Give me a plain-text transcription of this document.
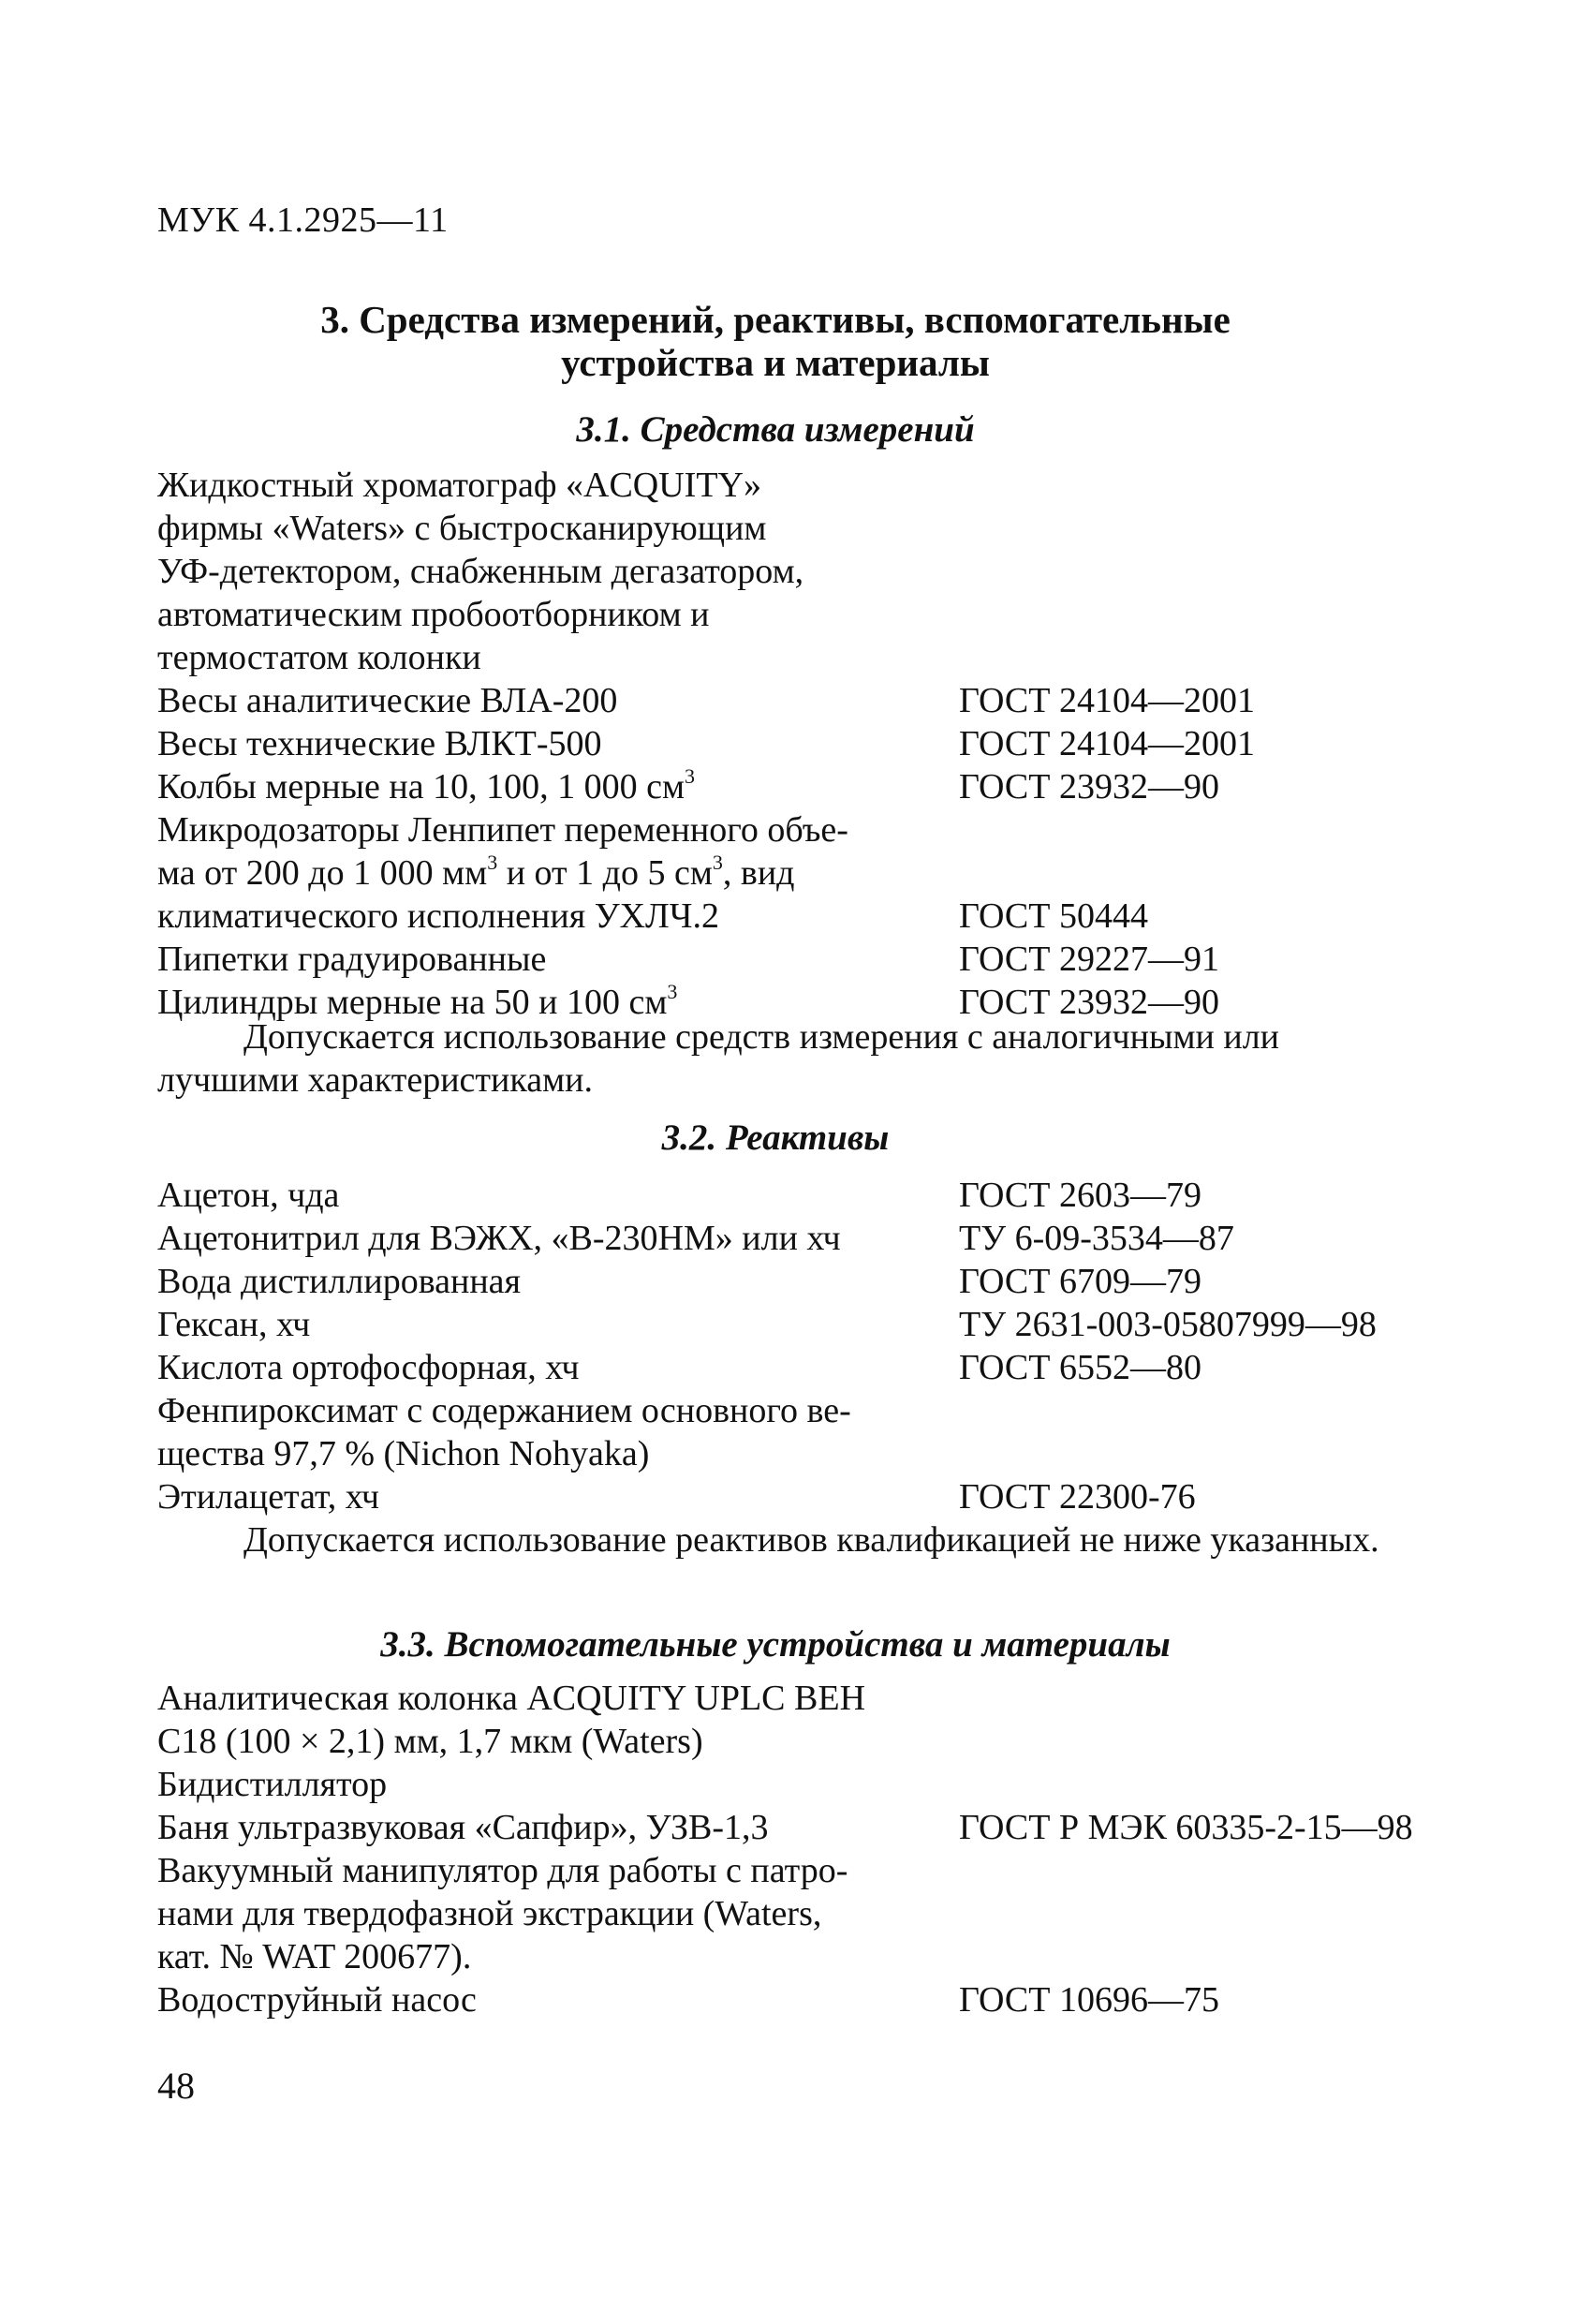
МУК 4.1.2925—11
3. Средства измерений, реактивы, вспомогательные
устройства и материалы
3.1. Средства измерений
Жидкостный хроматограф «ACQUITY»
фирмы «Waters» с быстросканирующим
УФ-детектором, снабженным дегазатором,
автоматическим пробоотборником и
термостатом колонки
Весы аналитические ВЛА-200	ГОСТ 24104—2001
Весы технические ВЛКТ-500	ГОСТ 24104—2001
Колбы мерные на 10, 100, 1 000 $см^3$	ГОСТ 23932—90
Микродозаторы Ленпипет переменного объе-
ма от 200 до 1 000 $мм^3$ и от 1 до 5 $см^3$, вид
климатического исполнения УХЛЧ.2	ГОСТ 50444
Пипетки градуированные	ГОСТ 29227—91
Цилиндры мерные на 50 и 100 $см^3$	ГОСТ 23932—90
Допускается использование средств измерения с аналогичными или лучшими характеристиками.
3.2. Реактивы
Ацетон, чда	ГОСТ 2603—79
Ацетонитрил для ВЭЖХ, «В-230НМ» или хч	ТУ 6-09-3534—87
Вода дистиллированная	ГОСТ 6709—79
Гексан, хч	ТУ 2631-003-05807999—98
Кислота ортофосфорная, хч	ГОСТ 6552—80
Фенпироксимат с содержанием основного ве-
щества 97,7 % (Nichon Nohyaka)
Этилацетат, хч	ГОСТ 22300-76
Допускается использование реактивов квалификацией не ниже указанных.
3.3. Вспомогательные устройства и материалы
Аналитическая колонка ACQUITY UPLC BEH
С18 (100 × 2,1) мм, 1,7 мкм (Waters)
Бидистиллятор
Баня ультразвуковая «Сапфир», УЗВ-1,3	ГОСТ Р МЭК 60335-2-15—98
Вакуумный манипулятор для работы с патро-
нами для твердофазной экстракции (Waters,
кат. № WAT 200677).
Водоструйный насос	ГОСТ 10696—75
48
